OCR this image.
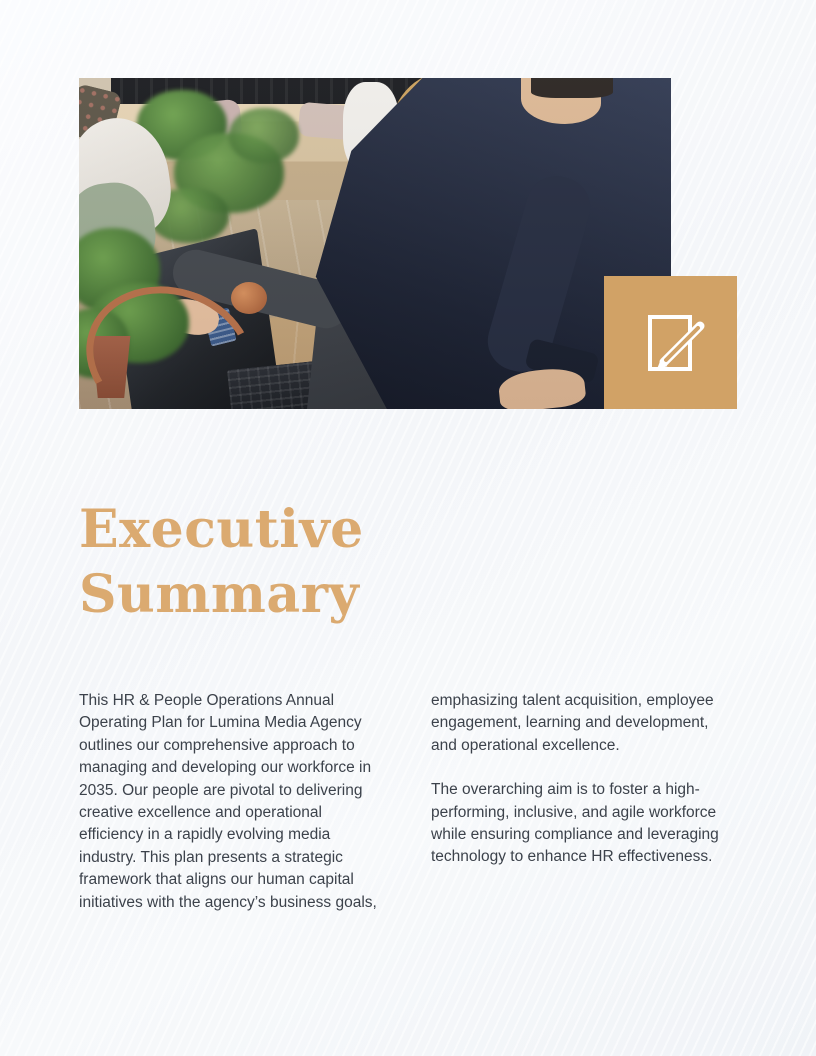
Executive
Summary

This HR & People Operations Annual Operating Plan for Lumina Media Agency outlines our comprehensive approach to managing and developing our workforce in 2035. Our people are pivotal to delivering creative excellence and operational efficiency in a rapidly evolving media industry. This plan presents a strategic framework that aligns our human capital initiatives with the agency’s business goals,

emphasizing talent acquisition, employee engagement, learning and development, and operational excellence.

The overarching aim is to foster a high-performing, inclusive, and agile workforce while ensuring compliance and leveraging technology to enhance HR effectiveness.
